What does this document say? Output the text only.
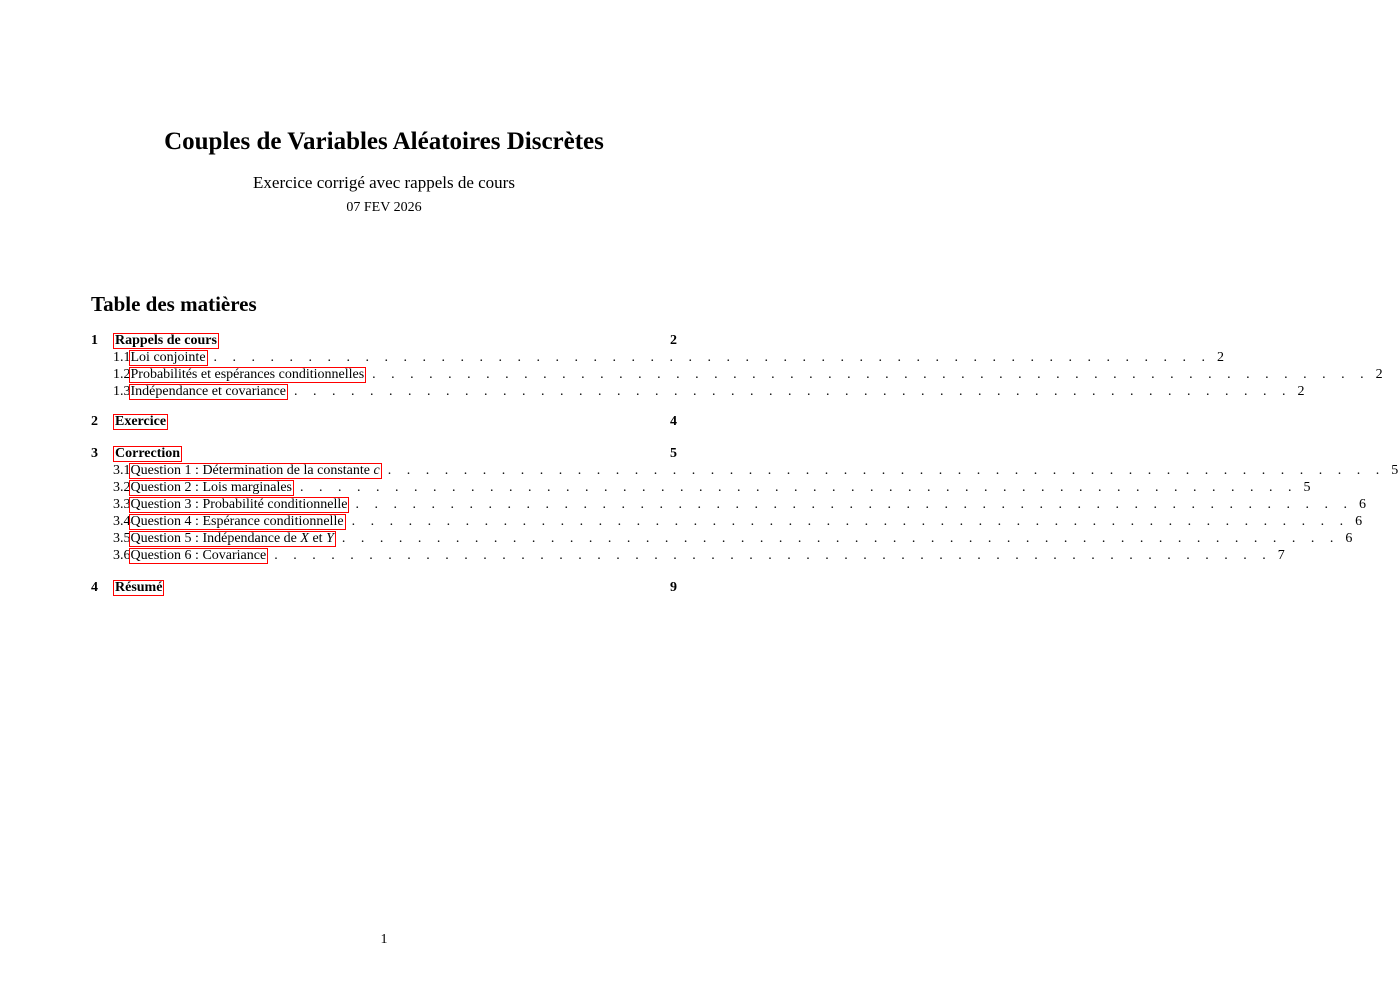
Couples de Variables Aléatoires Discrètes
Exercice corrigé avec rappels de cours
07 FEV 2026
Table des matières
1	Rappels de cours	2
1.1 Loi conjointe . . . . . . . . . . . . . . . . . . . . . . . . . . . . . . . . . . . . . . . . . . . . . . . . . . . . . 2
1.2 Probabilités et espérances conditionnelles . . . . . . . . . . . . . . . . . . . . . . . . . . . . . . . . . . . . . . . . . . . . . . . . . . . . . 2
1.3 Indépendance et covariance . . . . . . . . . . . . . . . . . . . . . . . . . . . . . . . . . . . . . . . . . . . . . . . . . . . . . 2
2	Exercice	4
3	Correction	5
3.1 Question 1 : Détermination de la constante c . . . . . . . . . . . . . . . . . . . . . . . . . . . . . . . . . . . . . . . . . . . . . . . . . . . . . 5
3.2 Question 2 : Lois marginales . . . . . . . . . . . . . . . . . . . . . . . . . . . . . . . . . . . . . . . . . . . . . . . . . . . . . 5
3.3 Question 3 : Probabilité conditionnelle . . . . . . . . . . . . . . . . . . . . . . . . . . . . . . . . . . . . . . . . . . . . . . . . . . . . . 6
3.4 Question 4 : Espérance conditionnelle . . . . . . . . . . . . . . . . . . . . . . . . . . . . . . . . . . . . . . . . . . . . . . . . . . . . . 6
3.5 Question 5 : Indépendance de X et Y . . . . . . . . . . . . . . . . . . . . . . . . . . . . . . . . . . . . . . . . . . . . . . . . . . . . . 6
3.6 Question 6 : Covariance . . . . . . . . . . . . . . . . . . . . . . . . . . . . . . . . . . . . . . . . . . . . . . . . . . . . . 7
4	Résumé	9
1
